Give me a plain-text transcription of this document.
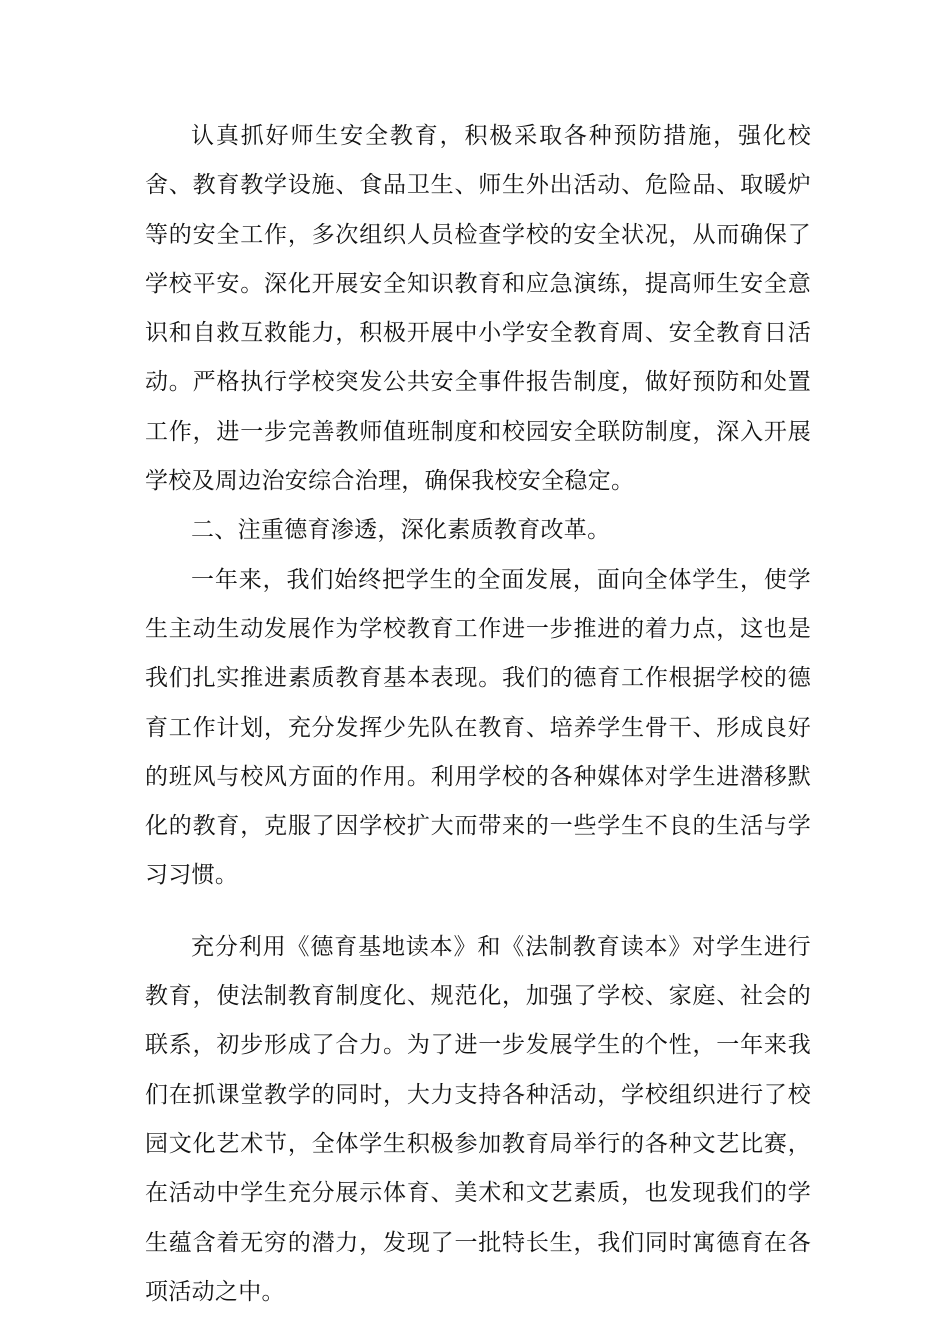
认真抓好师生安全教育，积极采取各种预防措施，强化校舍、教育教学设施、食品卫生、师生外出活动、危险品、取暖炉等的安全工作，多次组织人员检查学校的安全状况，从而确保了学校平安。深化开展安全知识教育和应急演练，提高师生安全意识和自救互救能力，积极开展中小学安全教育周、安全教育日活动。严格执行学校突发公共安全事件报告制度，做好预防和处置工作，进一步完善教师值班制度和校园安全联防制度，深入开展学校及周边治安综合治理，确保我校安全稳定。

二、注重德育渗透，深化素质教育改革。

一年来，我们始终把学生的全面发展，面向全体学生，使学生主动生动发展作为学校教育工作进一步推进的着力点，这也是我们扎实推进素质教育基本表现。我们的德育工作根据学校的德育工作计划，充分发挥少先队在教育、培养学生骨干、形成良好的班风与校风方面的作用。利用学校的各种媒体对学生进潜移默化的教育，克服了因学校扩大而带来的一些学生不良的生活与学习习惯。

充分利用《德育基地读本》和《法制教育读本》对学生进行教育，使法制教育制度化、规范化，加强了学校、家庭、社会的联系，初步形成了合力。为了进一步发展学生的个性，一年来我们在抓课堂教学的同时，大力支持各种活动，学校组织进行了校园文化艺术节，全体学生积极参加教育局举行的各种文艺比赛，在活动中学生充分展示体育、美术和文艺素质，也发现我们的学生蕴含着无穷的潜力，发现了一批特长生，我们同时寓德育在各项活动之中。
